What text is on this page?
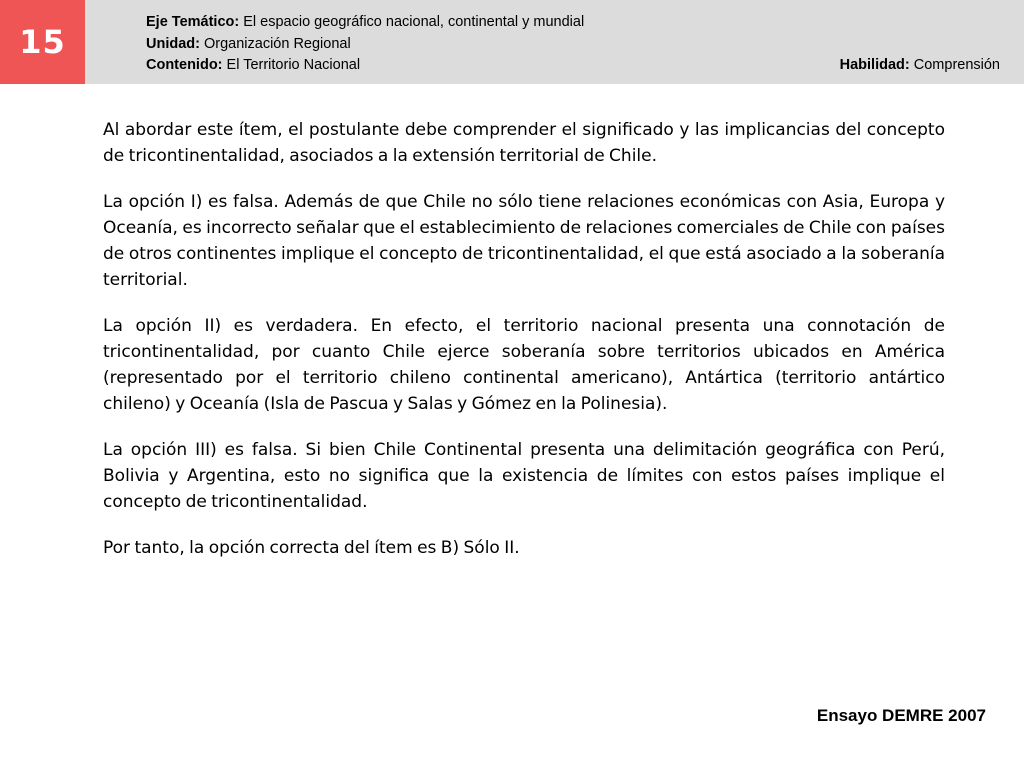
15
Eje Temático: El espacio geográfico nacional, continental y mundial
Unidad: Organización Regional
Contenido: El Territorio Nacional	Habilidad: Comprensión

Al abordar este ítem, el postulante debe comprender el significado y las implicancias del concepto de tricontinentalidad, asociados a la extensión territorial de Chile.

La opción I) es falsa. Además de que Chile no sólo tiene relaciones económicas con Asia, Europa y Oceanía, es incorrecto señalar que el establecimiento de relaciones comerciales de Chile con países de otros continentes implique el concepto de tricontinentalidad, el que está asociado a la soberanía territorial.

La opción II) es verdadera. En efecto, el territorio nacional presenta una connotación de tricontinentalidad, por cuanto Chile ejerce soberanía sobre territorios ubicados en América (representado por el territorio chileno continental americano), Antártica (territorio antártico chileno) y Oceanía (Isla de Pascua y Salas y Gómez en la Polinesia).

La opción III) es falsa. Si bien Chile Continental presenta una delimitación geográfica con Perú, Bolivia y Argentina, esto no significa que la existencia de límites con estos países implique el concepto de tricontinentalidad.

Por tanto, la opción correcta del ítem es B) Sólo II.

Ensayo DEMRE 2007
